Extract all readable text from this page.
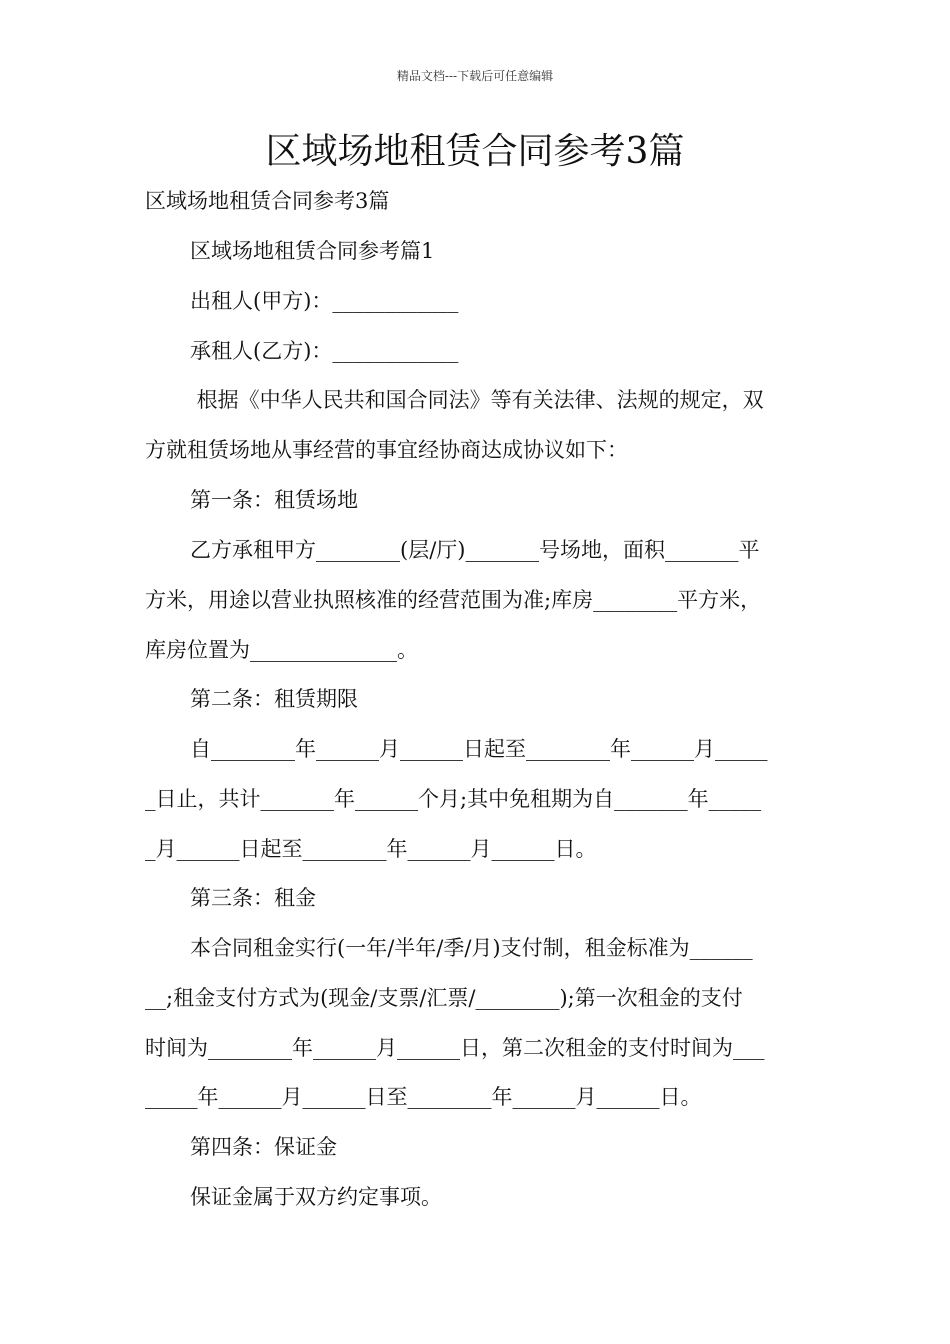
精品文档---下载后可任意编辑
区域场地租赁合同参考3篇
区域场地租赁合同参考3篇
区域场地租赁合同参考篇1
出租人(甲方)：____________
承租人(乙方)：____________
根据《中华人民共和国合同法》等有关法律、法规的规定，双
方就租赁场地从事经营的事宜经协商达成协议如下：
第一条：租赁场地
乙方承租甲方________(层/厅)_______号场地，面积_______平
方米，用途以营业执照核准的经营范围为准;库房________平方米，
库房位置为______________。
第二条：租赁期限
自________年______月______日起至________年______月_____
_日止，共计_______年______个月;其中免租期为自_______年_____
_月______日起至________年______月______日。
第三条：租金
本合同租金实行(一年/半年/季/月)支付制，租金标准为______
__;租金支付方式为(现金/支票/汇票/________);第一次租金的支付
时间为________年______月______日，第二次租金的支付时间为___
_____年______月______日至________年______月______日。
第四条：保证金
保证金属于双方约定事项。
